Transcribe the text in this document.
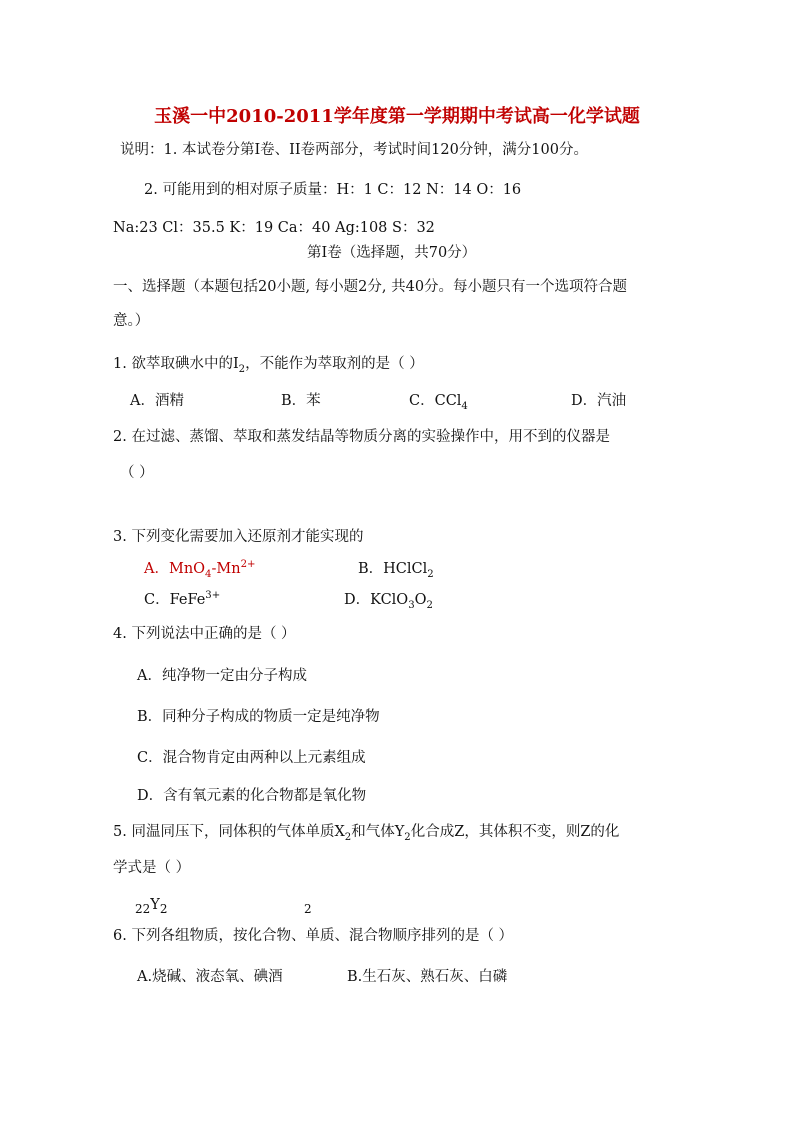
玉溪一中2010-2011学年度第一学期期中考试高一化学试题
说明：1. 本试卷分第I卷、II卷两部分，考试时间120分钟，满分100分。
2. 可能用到的相对原子质量：H：1 C：12 N：14 O：16
Na:23 Cl：35.5 K：19 Ca：40 Ag:108 S：32
第I卷（选择题，共70分）
一、选择题（本题包括20小题, 每小题2分, 共40分。每小题只有一个选项符合题
意。）
1. 欲萃取碘水中的$I_2$，不能作为萃取剂的是（ ）
A．酒精	B．苯	C．CCl$_4$	D．汽油
2. 在过滤、蒸馏、萃取和蒸发结晶等物质分离的实验操作中，用不到的仪器是
（ ）
3. 下列变化需要加入还原剂才能实现的
A．$MnO_4-Mn^{2+}$	B．HClCl$_2$
C．FeFe$^{3+}$	D．$KClO_3O_2$
4. 下列说法中正确的是（ ）
A．纯净物一定由分子构成
B．同种分子构成的物质一定是纯净物
C．混合物肯定由两种以上元素组成
D．含有氧元素的化合物都是氧化物
5. 同温同压下，同体积的气体单质$X_2$和气体$Y_2$化合成Z，其体积不变，则Z的化
学式是（ ）
$_{22}Y_2$	2
6. 下列各组物质，按化合物、单质、混合物顺序排列的是（ ）
A.烧碱、液态氧、碘酒	B.生石灰、熟石灰、白磷
